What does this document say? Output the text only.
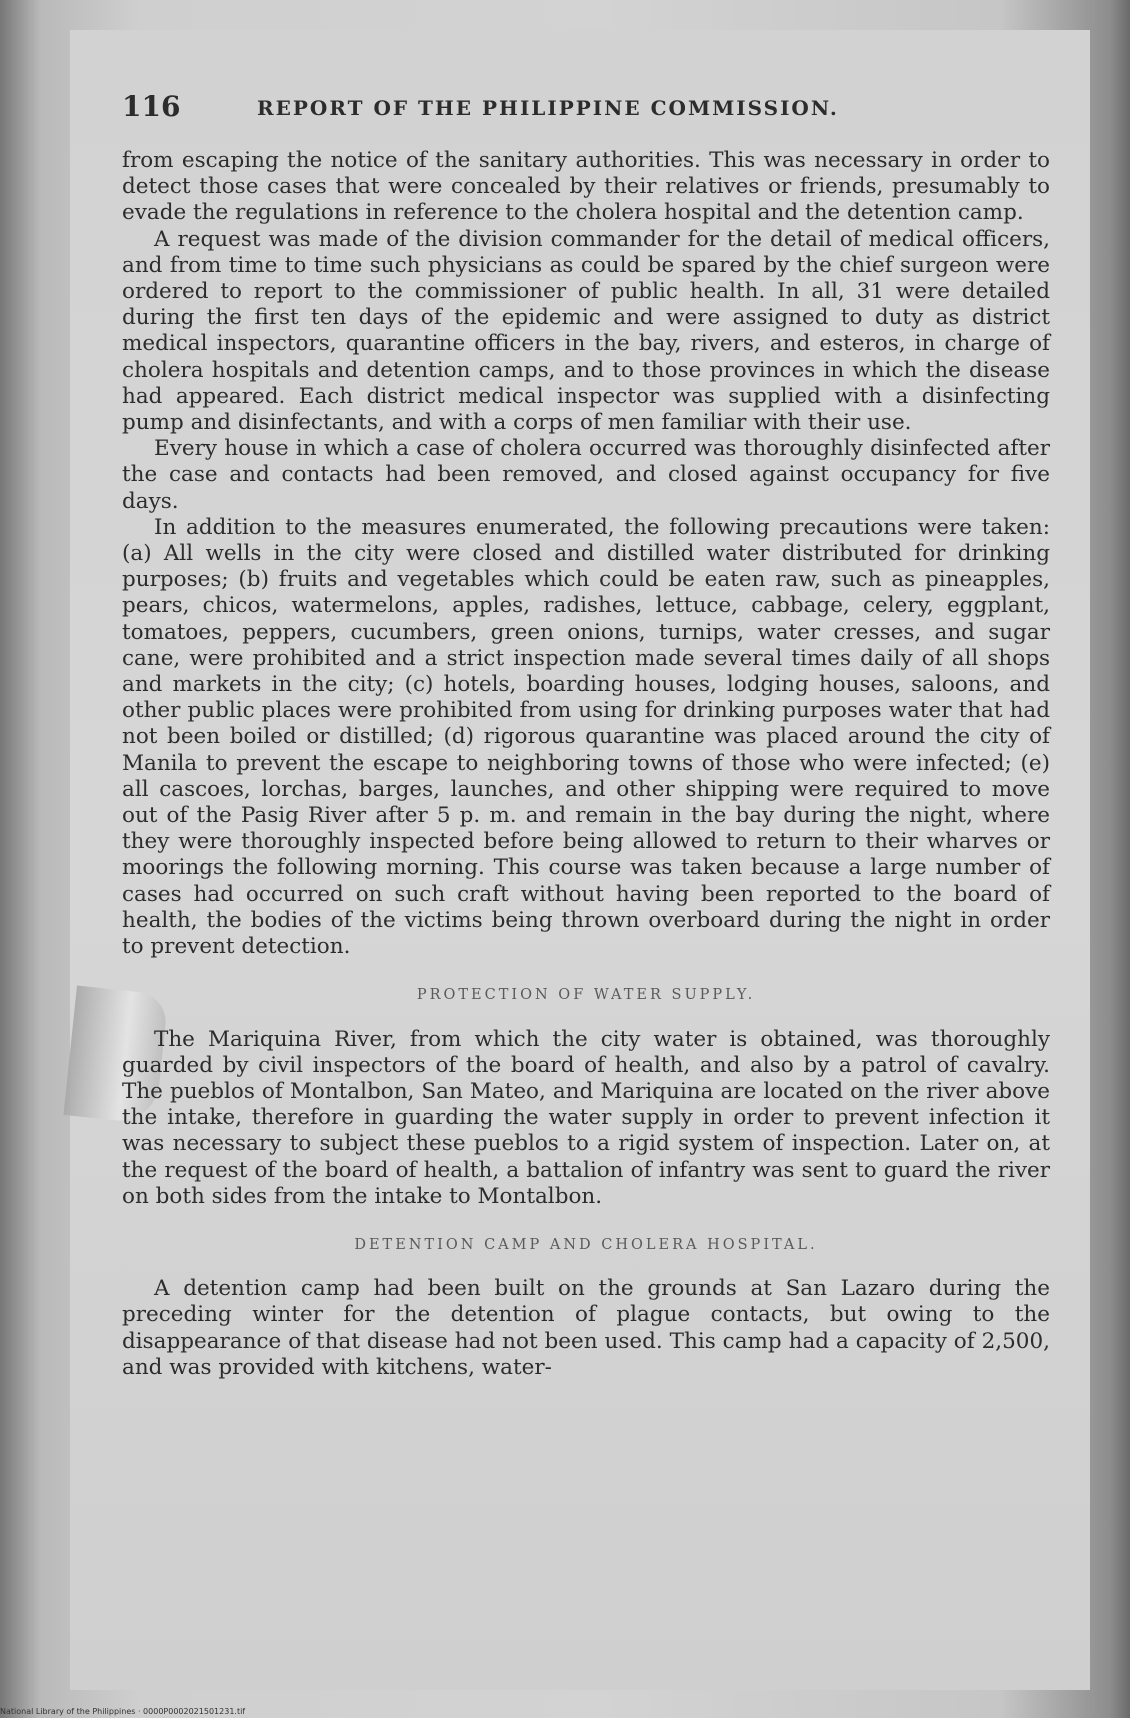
116	REPORT OF THE PHILIPPINE COMMISSION.

from escaping the notice of the sanitary authorities. This was necessary in order to detect those cases that were concealed by their relatives or friends, presumably to evade the regulations in reference to the cholera hospital and the detention camp.

A request was made of the division commander for the detail of medical officers, and from time to time such physicians as could be spared by the chief surgeon were ordered to report to the commissioner of public health. In all, 31 were detailed during the first ten days of the epidemic and were assigned to duty as district medical inspectors, quarantine officers in the bay, rivers, and esteros, in charge of cholera hospitals and detention camps, and to those provinces in which the disease had appeared. Each district medical inspector was supplied with a disinfecting pump and disinfectants, and with a corps of men familiar with their use.

Every house in which a case of cholera occurred was thoroughly disinfected after the case and contacts had been removed, and closed against occupancy for five days.

In addition to the measures enumerated, the following precautions were taken: (a) All wells in the city were closed and distilled water distributed for drinking purposes; (b) fruits and vegetables which could be eaten raw, such as pineapples, pears, chicos, watermelons, apples, radishes, lettuce, cabbage, celery, eggplant, tomatoes, peppers, cucumbers, green onions, turnips, water cresses, and sugar cane, were prohibited and a strict inspection made several times daily of all shops and markets in the city; (c) hotels, boarding houses, lodging houses, saloons, and other public places were prohibited from using for drinking purposes water that had not been boiled or distilled; (d) rigorous quarantine was placed around the city of Manila to prevent the escape to neighboring towns of those who were infected; (e) all cascoes, lorchas, barges, launches, and other shipping were required to move out of the Pasig River after 5 p. m. and remain in the bay during the night, where they were thoroughly inspected before being allowed to return to their wharves or moorings the following morning. This course was taken because a large number of cases had occurred on such craft without having been reported to the board of health, the bodies of the victims being thrown overboard during the night in order to prevent detection.

PROTECTION OF WATER SUPPLY.

The Mariquina River, from which the city water is obtained, was thoroughly guarded by civil inspectors of the board of health, and also by a patrol of cavalry. The pueblos of Montalbon, San Mateo, and Mariquina are located on the river above the intake, therefore in guarding the water supply in order to prevent infection it was necessary to subject these pueblos to a rigid system of inspection. Later on, at the request of the board of health, a battalion of infantry was sent to guard the river on both sides from the intake to Montalbon.

DETENTION CAMP AND CHOLERA HOSPITAL.

A detention camp had been built on the grounds at San Lazaro during the preceding winter for the detention of plague contacts, but owing to the disappearance of that disease had not been used. This camp had a capacity of 2,500, and was provided with kitchens, water-

National Library of the Philippines · 0000P0002021501231.tif
